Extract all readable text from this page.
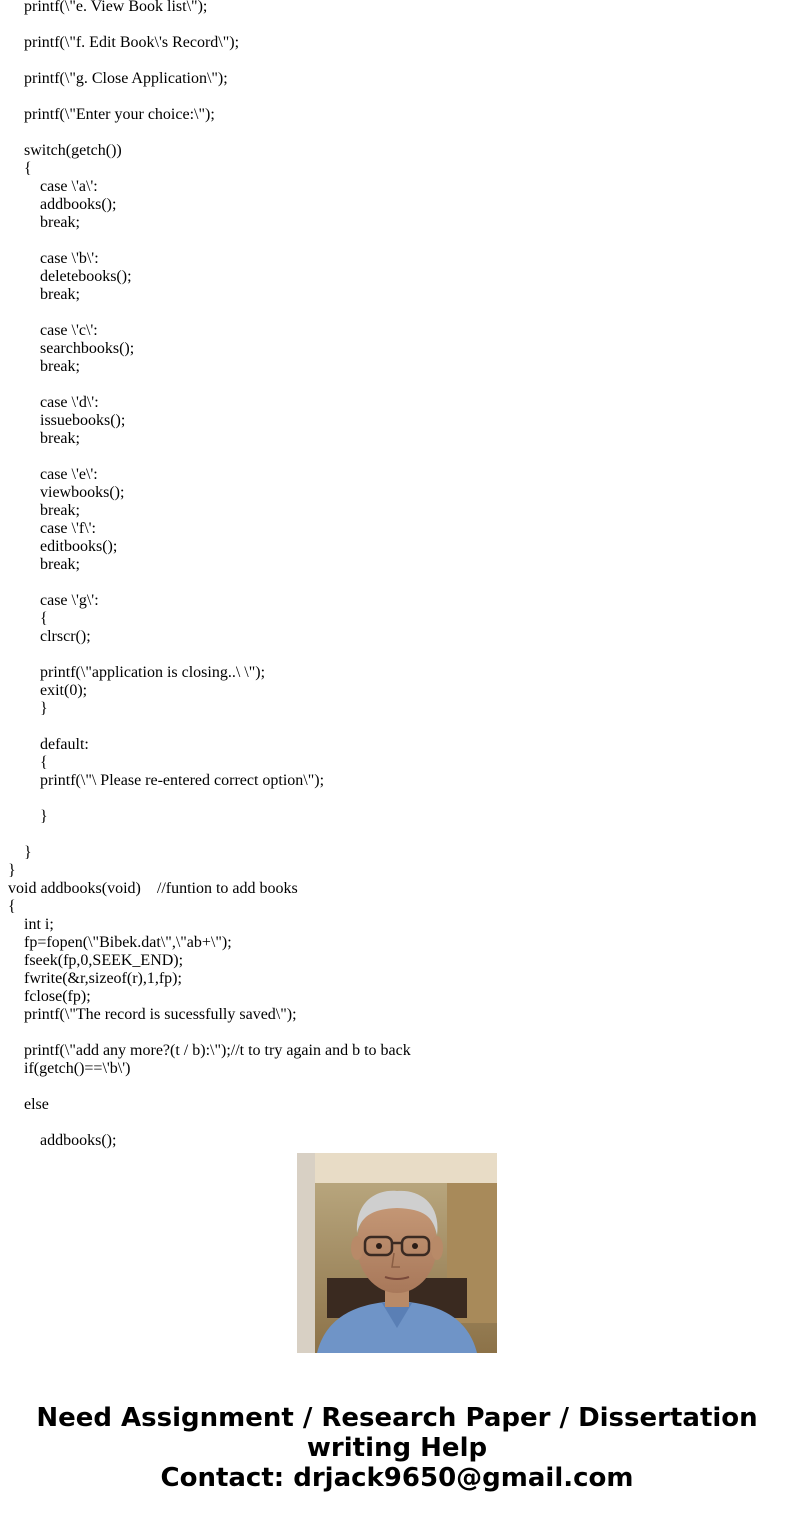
printf(\"e. View Book list\");
printf(\"f. Edit Book\'s Record\");
printf(\"g. Close Application\");
printf(\"Enter your choice:\");
switch(getch())
{
case \'a\':
addbooks();
break;
case \'b\':
deletebooks();
break;
case \'c\':
searchbooks();
break;
case \'d\':
issuebooks();
break;
case \'e\':
viewbooks();
break;
case \'f\':
editbooks();
break;
case \'g\':
{
clrscr();
printf(\"application is closing..\ \");
exit(0);
}
default:
{
printf(\"\ Please re-entered correct option\");
}
}
}
void addbooks(void)    //funtion to add books
{
int i;
fp=fopen(\"Bibek.dat\",\"ab+\");
fseek(fp,0,SEEK_END);
fwrite(&r,sizeof(r),1,fp);
fclose(fp);
printf(\"The record is sucessfully saved\");
printf(\"add any more?(t / b):\");//t to try again and b to back
if(getch()==\'b\')
else
addbooks();
Need Assignment / Research Paper / Dissertation
writing Help
Contact: drjack9650@gmail.com
